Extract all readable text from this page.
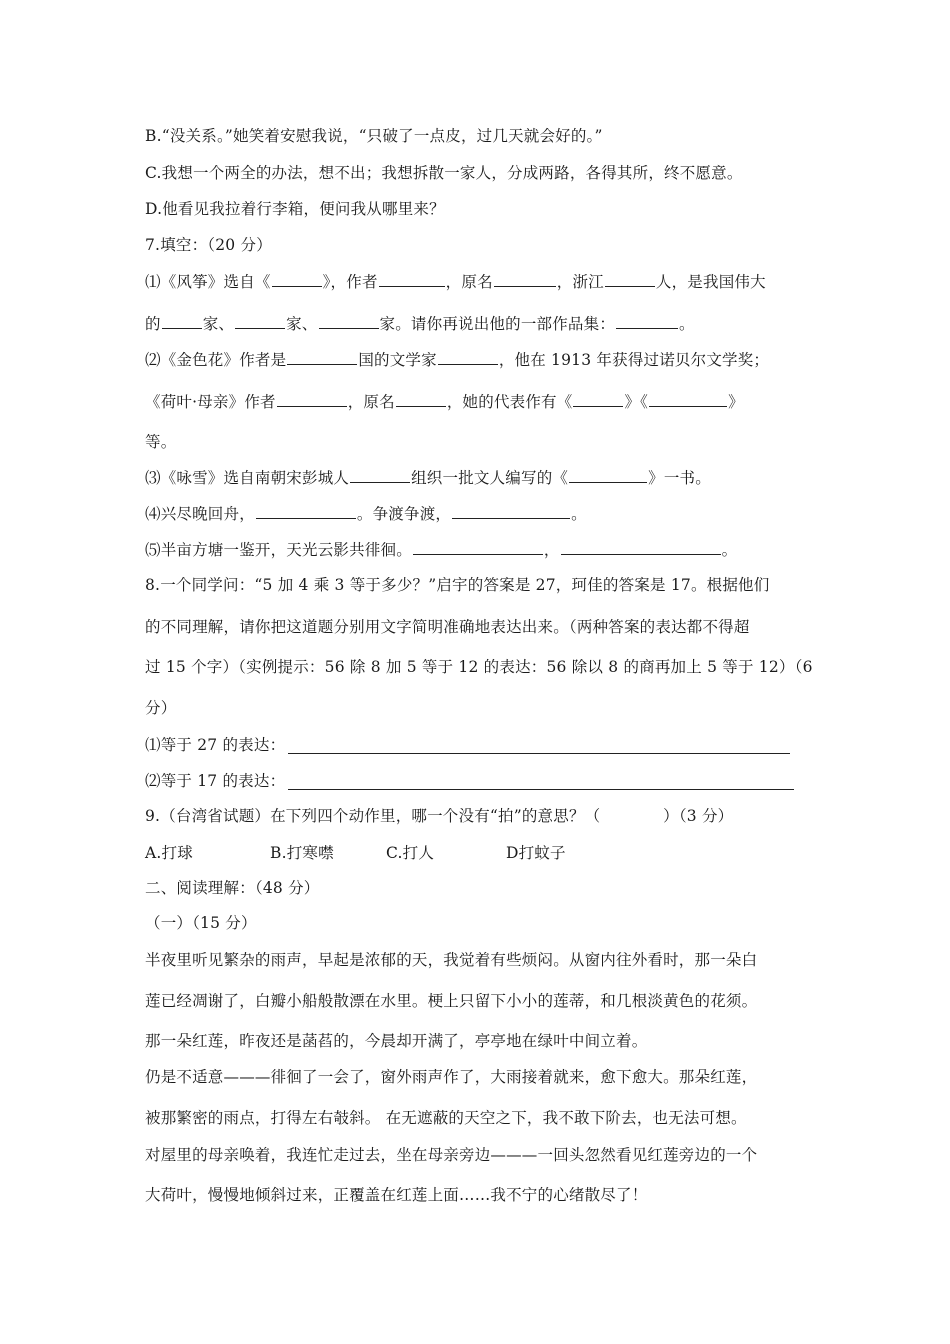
B.“没关系。”她笑着安慰我说，“只破了一点皮，过几天就会好的。”
C.我想一个两全的办法，想不出；我想拆散一家人，分成两路，各得其所，终不愿意。
D.他看见我拉着行李箱，便问我从哪里来？
7.填空：（20 分）
⑴《风筝》选自《	》，作者	，原名	，浙江	人，是我国伟大
的	家、	家、	家。请你再说出他的一部作品集：	。
⑵《金色花》作者是	国的文学家	，他在 1913 年获得过诺贝尔文学奖；
《荷叶·母亲》作者	，原名	，她的代表作有《	》《	》
等。
⑶《咏雪》选自南朝宋彭城人	组织一批文人编写的《	》一书。
⑷兴尽晚回舟，	。争渡争渡，	。
⑸半亩方塘一鉴开，天光云影共徘徊。	，	。
8.一个同学问：“5 加 4 乘 3 等于多少？”启宇的答案是 27，珂佳的答案是 17。根据他们
的不同理解，请你把这道题分别用文字简明准确地表达出来。（两种答案的表达都不得超
过 15 个字）（实例提示：56 除 8 加 5 等于 12 的表达：56 除以 8 的商再加上 5 等于 12）（6
分）
⑴等于 27 的表达：
⑵等于 17 的表达：
9.（台湾省试题）在下列四个动作里，哪一个没有“拍”的意思？（　　　　）（3 分）
A.打球	B.打寒噤	C.打人	D打蚊子
二、阅读理解：（48 分）
（一）（15 分）
半夜里听见繁杂的雨声，早起是浓郁的天，我觉着有些烦闷。从窗内往外看时，那一朵白
莲已经凋谢了，白瓣小船般散漂在水里。梗上只留下小小的莲蒂，和几根淡黄色的花须。
那一朵红莲，昨夜还是菡萏的，今晨却开满了，亭亭地在绿叶中间立着。
仍是不适意———徘徊了一会了，窗外雨声作了，大雨接着就来，愈下愈大。那朵红莲，
被那繁密的雨点，打得左右攲斜。 在无遮蔽的天空之下，我不敢下阶去，也无法可想。
对屋里的母亲唤着，我连忙走过去，坐在母亲旁边———一回头忽然看见红莲旁边的一个
大荷叶，慢慢地倾斜过来，正覆盖在红莲上面……我不宁的心绪散尽了！
